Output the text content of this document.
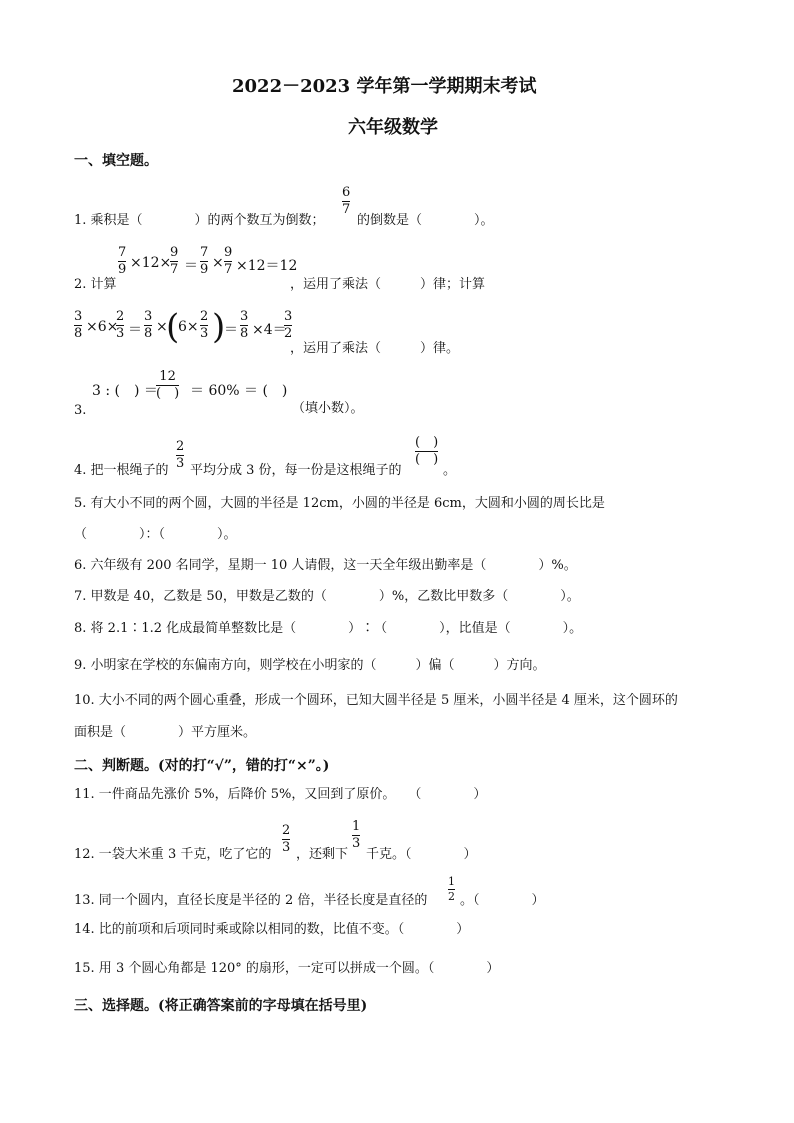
2022－2023 学年第一学期期末考试
六年级数学
一、填空题。
1. 乘积是（　　　　）的两个数互为倒数；
6
7
的倒数是（　　　　）。
2. 计算
7
9 ×12×
9
7 ＝
7
9 ×
9
7 ×12＝12
，运用了乘法（　　　）律；计算
3
8 ×6×
2
3 ＝
3
8 ×
(
6×
2
3 )
＝
3
8 ×4＝
3
2
，运用了乘法（　　　）律。
3 : (　) ＝
12
(　) ＝ 60% ＝ (　)
3.	（填小数）。
4. 把一根绳子的
2
3 平均分成 3 份，每一份是这根绳子的
(　)
(　)
。
5. 有大小不同的两个圆，大圆的半径是 12cm，小圆的半径是 6cm，大圆和小圆的周长比是
（　　　　）：（　　　　）。
6. 六年级有 200 名同学，星期一 10 人请假，这一天全年级出勤率是（　　　　）%。
7. 甲数是 40，乙数是 50，甲数是乙数的（　　　　）%，乙数比甲数多（　　　　）。
8. 将 2.1∶1.2 化成最简单整数比是（　　　　）∶（　　　　），比值是（　　　　）。
9. 小明家在学校的东偏南方向，则学校在小明家的（　　　）偏（　　　）方向。
10. 大小不同的两个圆心重叠，形成一个圆环，已知大圆半径是 5 厘米，小圆半径是 4 厘米，这个圆环的
面积是（　　　　）平方厘米。
二、判断题。(对的打“√”，错的打“×”。)
11. 一件商品先涨价 5%，后降价 5%，又回到了原价。　　（　　　　）
12. 一袋大米重 3 千克，吃了它的
2
3 ，还剩下
1
3
千克。（　　　　）
13. 同一个圆内，直径长度是半径的 2 倍，半径长度是直径的
1
2 。（　　　　）
14. 比的前项和后项同时乘或除以相同的数，比值不变。（　　　　）
15. 用 3 个圆心角都是 120° 的扇形，一定可以拼成一个圆。（　　　　）
三、选择题。(将正确答案前的字母填在括号里)
